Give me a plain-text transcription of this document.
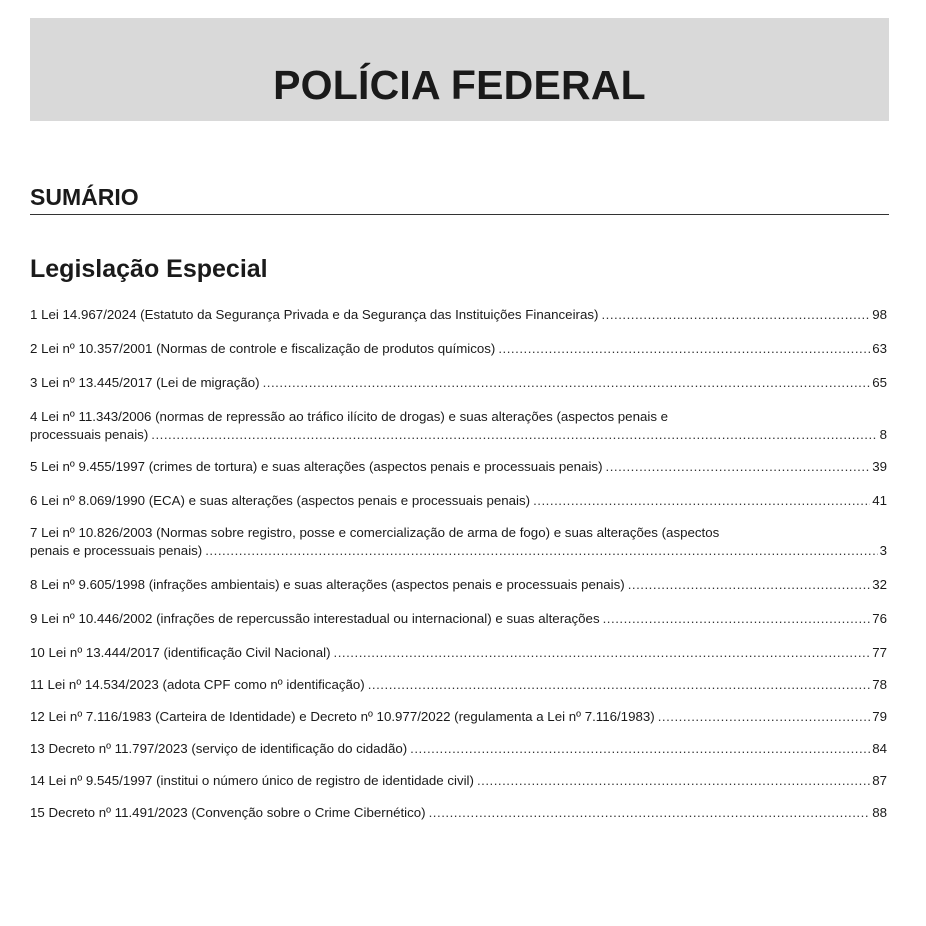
POLÍCIA FEDERAL
SUMÁRIO
Legislação Especial
1 Lei 14.967/2024 (Estatuto da Segurança Privada e da Segurança das Instituições Financeiras) .....	98
2 Lei nº 10.357/2001 (Normas de controle e fiscalização de produtos químicos) .....	63
3 Lei nº 13.445/2017 (Lei de migração) .....	65
4 Lei nº 11.343/2006 (normas de repressão ao tráfico ilícito de drogas) e suas alterações (aspectos penais e
processuais penais) .....	8
5 Lei nº 9.455/1997 (crimes de tortura) e suas alterações (aspectos penais e processuais penais) .....	39
6 Lei nº 8.069/1990 (ECA) e suas alterações (aspectos penais e processuais penais) .....	41
7 Lei nº 10.826/2003 (Normas sobre registro, posse e comercialização de arma de fogo) e suas alterações (aspectos
penais e processuais penais) .....	3
8 Lei nº 9.605/1998 (infrações ambientais) e suas alterações (aspectos penais e processuais penais) .....	32
9 Lei nº 10.446/2002 (infrações de repercussão interestadual ou internacional) e suas alterações .....	76
10 Lei nº 13.444/2017 (identificação Civil Nacional) .....	77
11 Lei nº 14.534/2023 (adota CPF como nº identificação) .....	78
12 Lei nº 7.116/1983 (Carteira de Identidade) e Decreto nº 10.977/2022 (regulamenta a Lei nº 7.116/1983) .....	79
13 Decreto nº 11.797/2023 (serviço de identificação do cidadão) .....	84
14 Lei nº 9.545/1997 (institui o número único de registro de identidade civil) .....	87
15 Decreto nº 11.491/2023 (Convenção sobre o Crime Cibernético) .....	88
